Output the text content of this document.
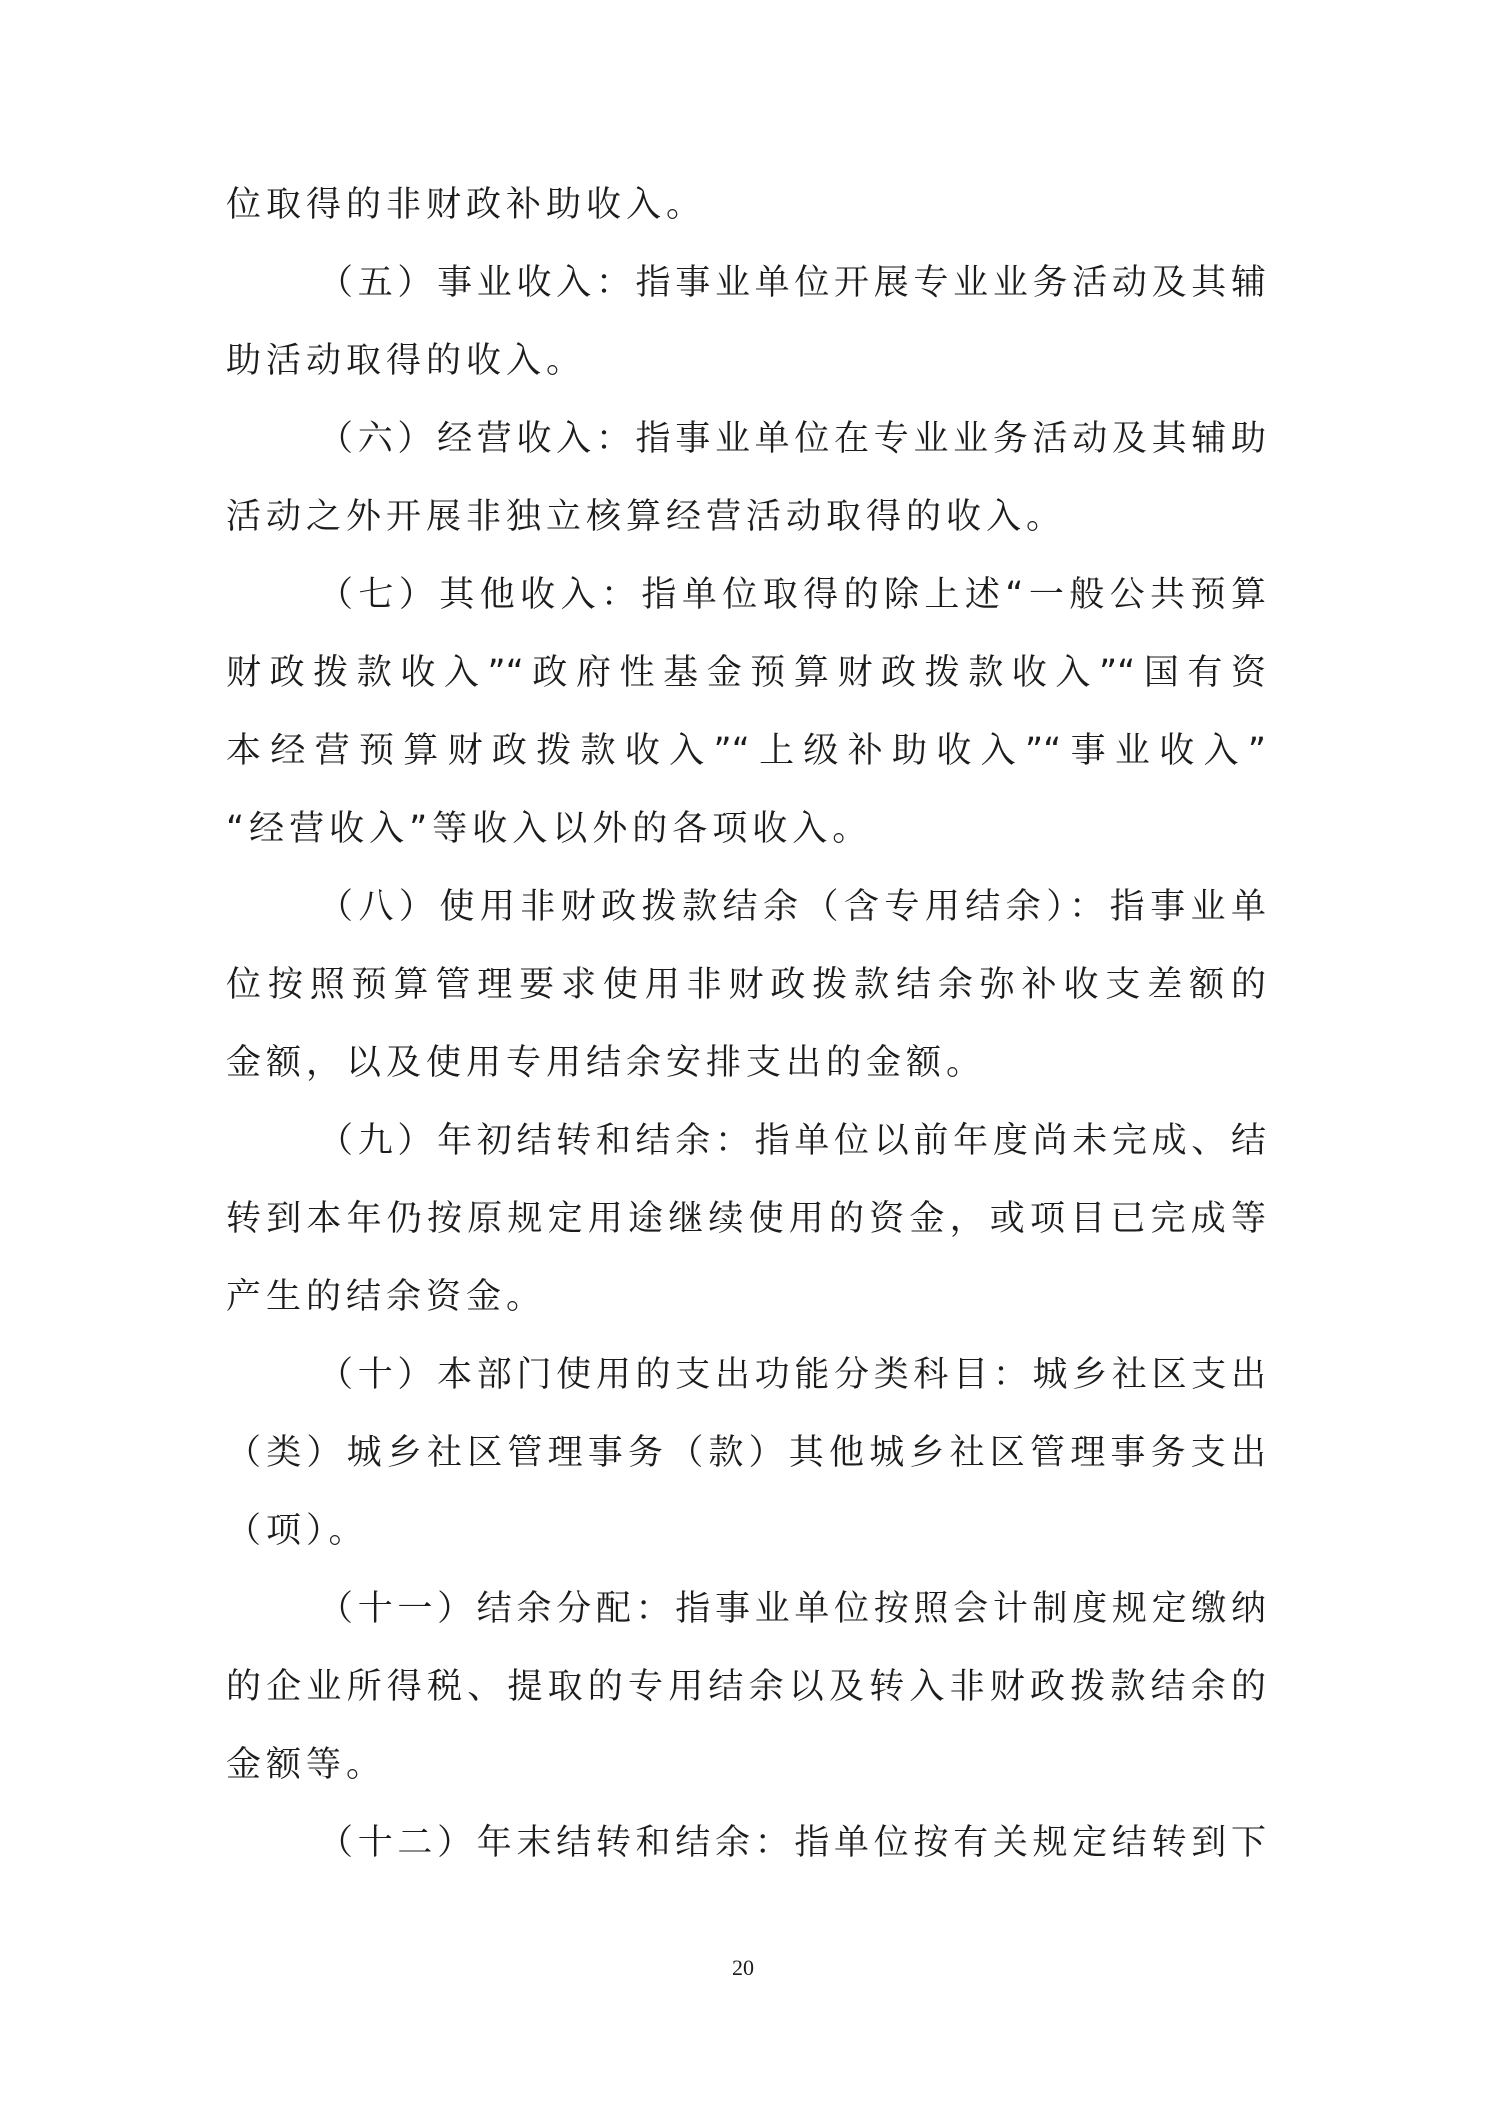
位取得的非财政补助收入。
（五）事业收入：指事业单位开展专业业务活动及其辅
助活动取得的收入。
（六）经营收入：指事业单位在专业业务活动及其辅助
活动之外开展非独立核算经营活动取得的收入。
（七）其他收入：指单位取得的除上述“一般公共预算
财政拨款收入”“政府性基金预算财政拨款收入”“国有资
本经营预算财政拨款收入”“上级补助收入”“事业收入”
“经营收入”等收入以外的各项收入。
（八）使用非财政拨款结余（含专用结余）：指事业单
位按照预算管理要求使用非财政拨款结余弥补收支差额的
金额，以及使用专用结余安排支出的金额。
（九）年初结转和结余：指单位以前年度尚未完成、结
转到本年仍按原规定用途继续使用的资金，或项目已完成等
产生的结余资金。
（十）本部门使用的支出功能分类科目：城乡社区支出
（类）城乡社区管理事务（款）其他城乡社区管理事务支出
（项）。
（十一）结余分配：指事业单位按照会计制度规定缴纳
的企业所得税、提取的专用结余以及转入非财政拨款结余的
金额等。
（十二）年末结转和结余：指单位按有关规定结转到下
20
